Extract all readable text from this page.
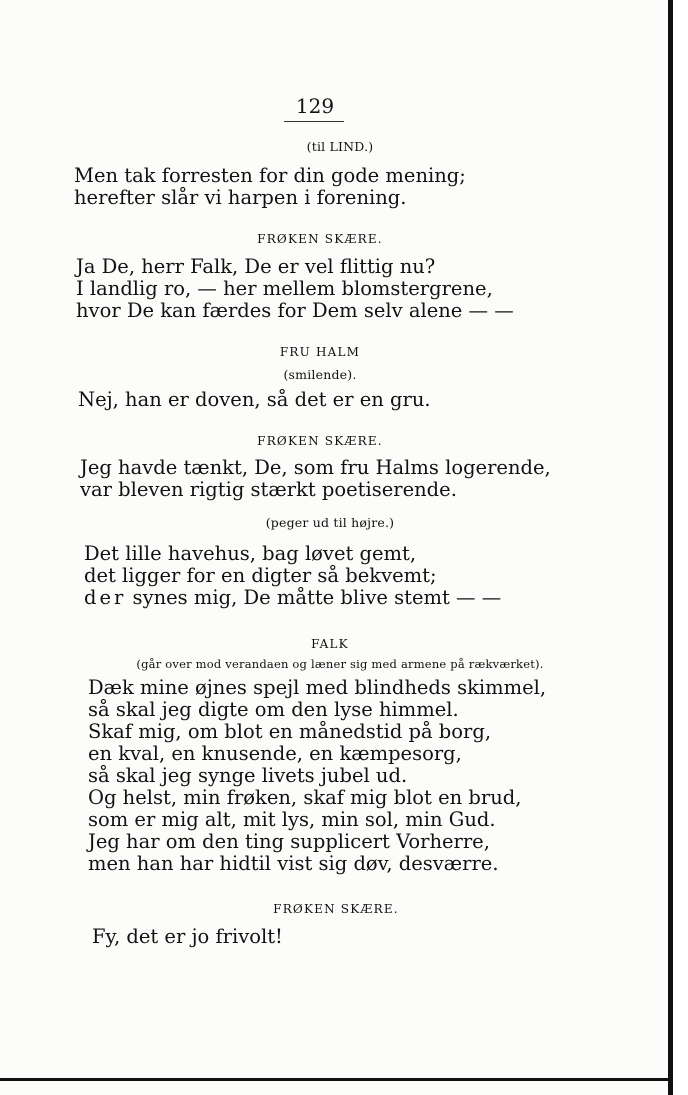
129
(til LIND.)
Men tak forresten for din gode mening;
herefter slår vi harpen i forening.
FRØKEN SKÆRE.
Ja De, herr Falk, De er vel flittig nu?
I landlig ro, — her mellem blomstergrene,
hvor De kan færdes for Dem selv alene — —
FRU HALM
(smilende).
Nej, han er doven, så det er en gru.
FRØKEN SKÆRE.
Jeg havde tænkt, De, som fru Halms logerende,
var bleven rigtig stærkt poetiserende.
(peger ud til højre.)
Det lille havehus, bag løvet gemt,
det ligger for en digter så bekvemt;
der synes mig, De måtte blive stemt — —
FALK
(går over mod verandaen og læner sig med armene på rækværket).
Dæk mine øjnes spejl med blindheds skimmel,
så skal jeg digte om den lyse himmel.
Skaf mig, om blot en månedstid på borg,
en kval, en knusende, en kæmpesorg,
så skal jeg synge livets jubel ud.
Og helst, min frøken, skaf mig blot en brud,
som er mig alt, mit lys, min sol, min Gud.
Jeg har om den ting supplicert Vorherre,
men han har hidtil vist sig døv, desværre.
FRØKEN SKÆRE.
Fy, det er jo frivolt!
